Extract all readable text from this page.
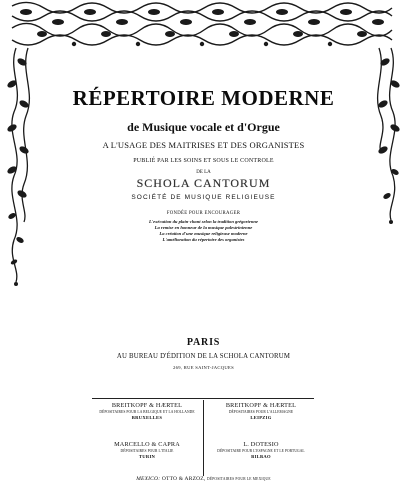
RÉPERTOIRE MODERNE
de Musique vocale et d'Orgue
A L'USAGE DES MAITRISES ET DES ORGANISTES
PUBLIÉ PAR LES SOINS ET SOUS LE CONTROLE
DE LA
SCHOLA CANTORUM
SOCIÉTÉ DE MUSIQUE RELIGIEUSE
FONDÉE POUR ENCOURAGER
L'exécution du plain-chant selon la tradition grégorienne
La remise en honneur de la musique palestrinienne
La création d'une musique religieuse moderne
L'amélioration du répertoire des organistes
PARIS
AU BUREAU D'ÉDITION DE LA SCHOLA CANTORUM
269, RUE SAINT-JACQUES
BREITKOPF & HÆRTEL
DÉPOSITAIRES POUR LA BELGIQUE ET LA HOLLANDE
BRUXELLES
BREITKOPF & HÆRTEL
DÉPOSITAIRES POUR L'ALLEMAGNE
LEIPZIG
MARCELLO & CAPRA
DÉPOSITAIRES POUR L'ITALIE
TURIN
L. DOTESIO
DÉPOSITAIRE POUR L'ESPAGNE ET LE PORTUGAL
BILBAO
MEXICO: OTTO & ARZOZ, DÉPOSITAIRES POUR LE MEXIQUE
